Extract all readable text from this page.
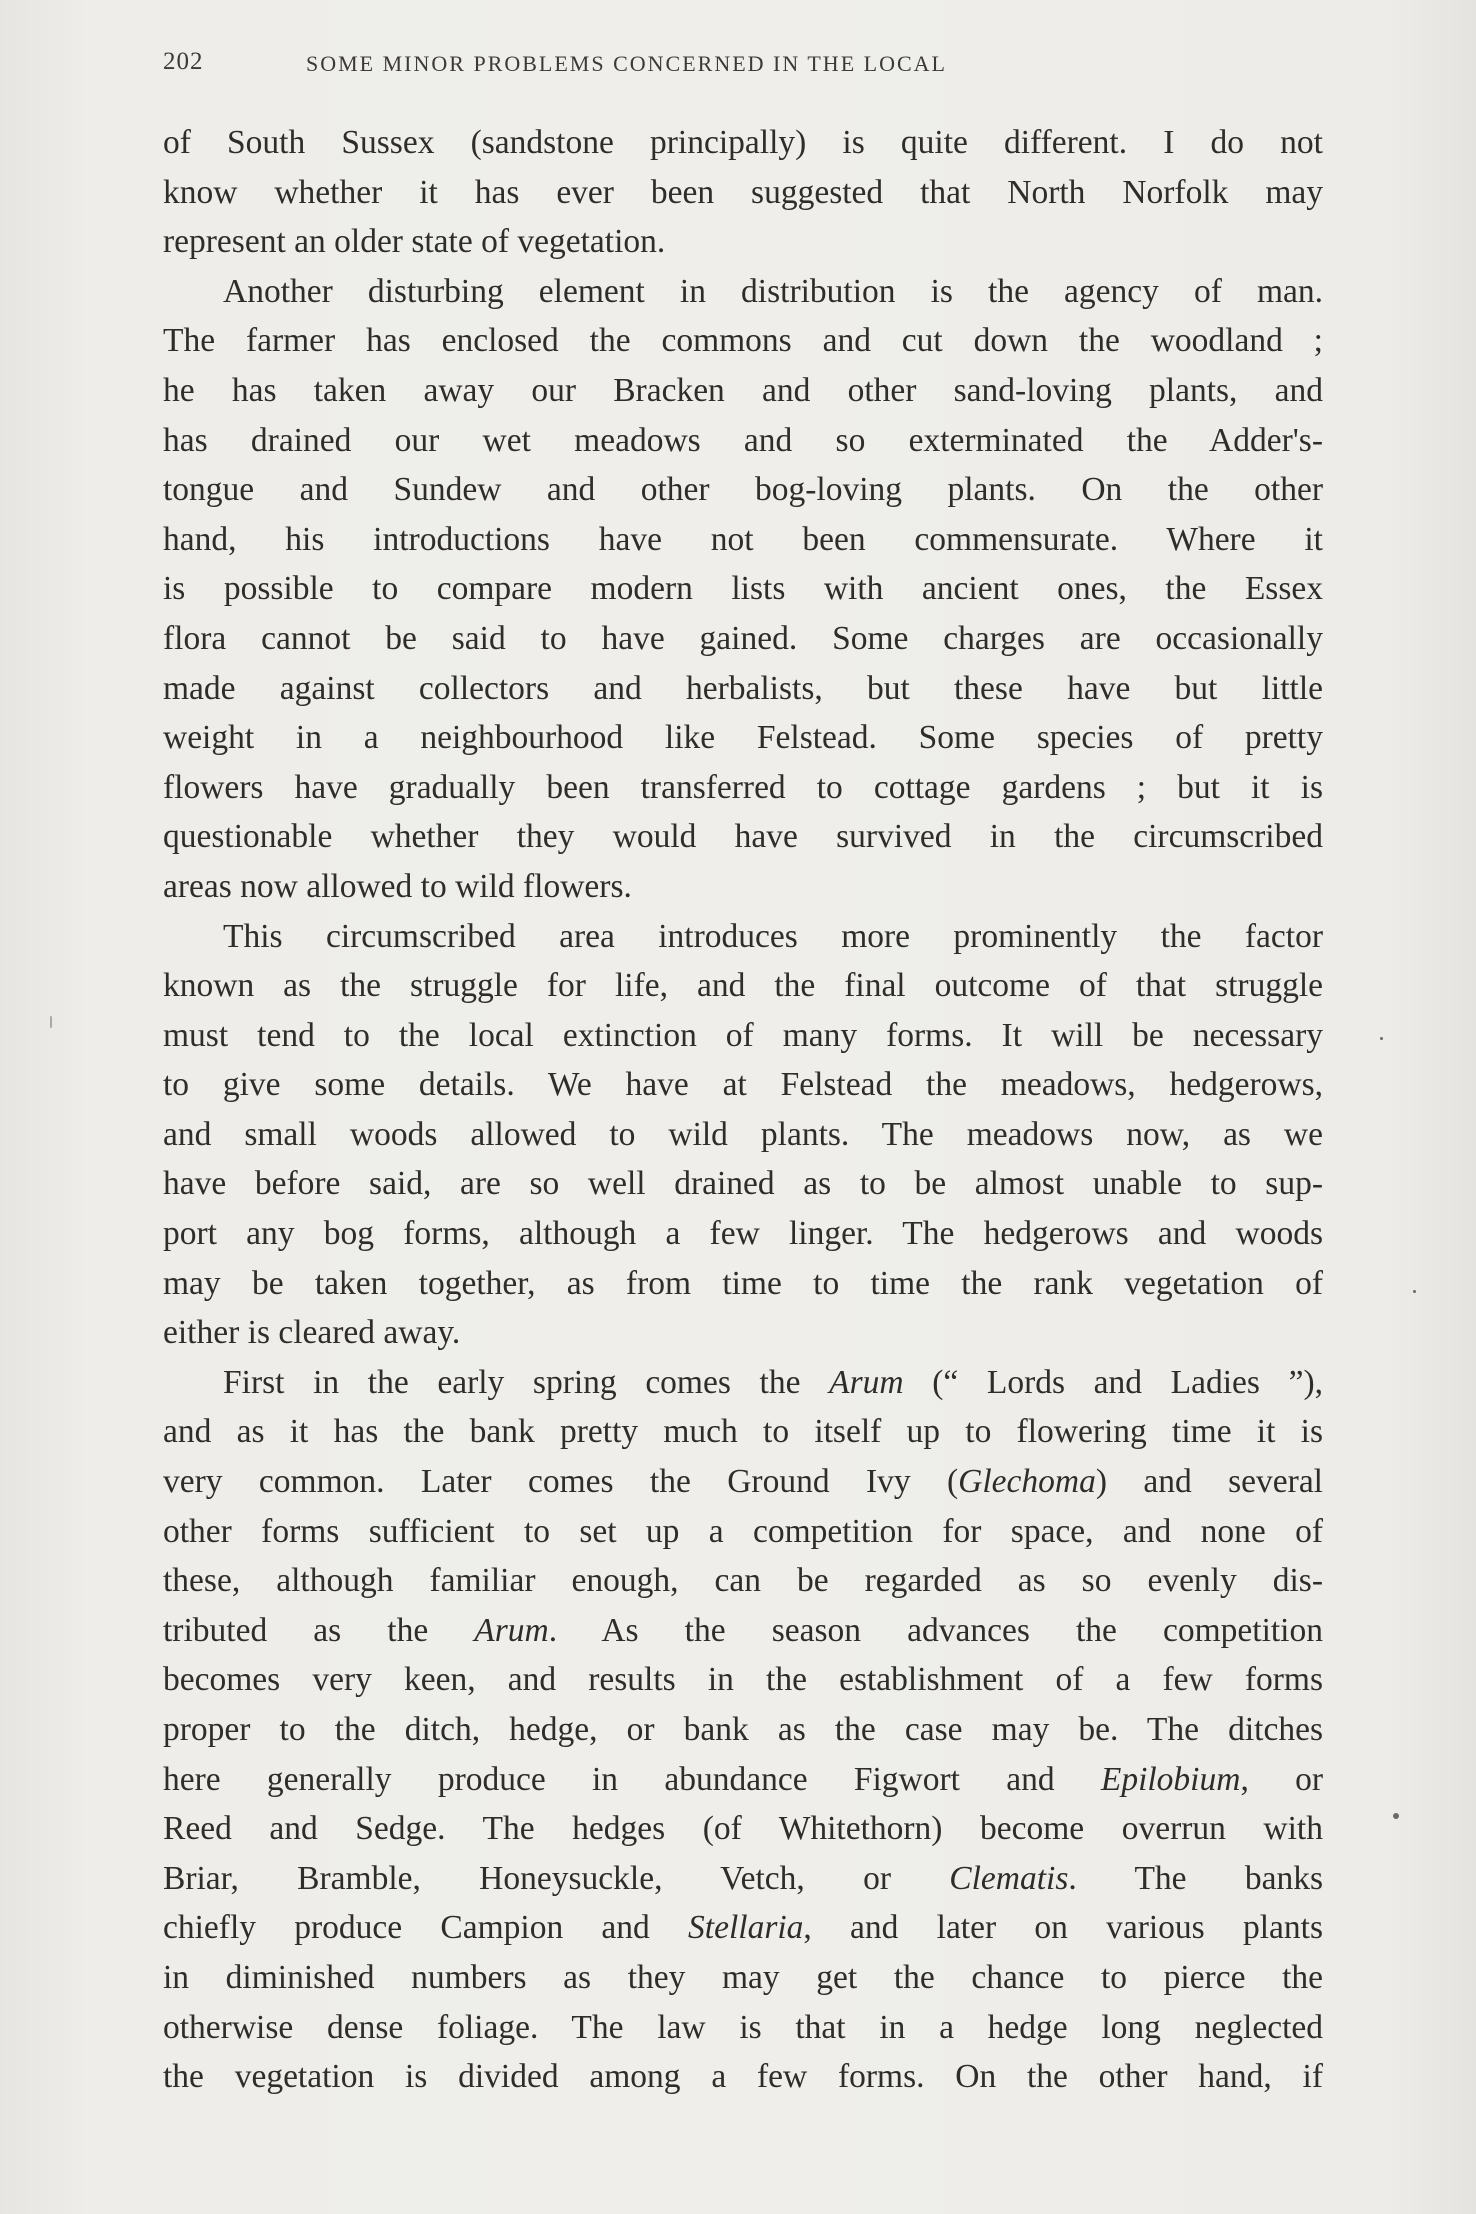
202	SOME MINOR PROBLEMS CONCERNED IN THE LOCAL
of South Sussex (sandstone principally) is quite different. I do not
know whether it has ever been suggested that North Norfolk may
represent an older state of vegetation.
Another disturbing element in distribution is the agency of man.
The farmer has enclosed the commons and cut down the woodland ;
he has taken away our Bracken and other sand-loving plants, and
has drained our wet meadows and so exterminated the Adder's-
tongue and Sundew and other bog-loving plants. On the other
hand, his introductions have not been commensurate. Where it
is possible to compare modern lists with ancient ones, the Essex
flora cannot be said to have gained. Some charges are occasionally
made against collectors and herbalists, but these have but little
weight in a neighbourhood like Felstead. Some species of pretty
flowers have gradually been transferred to cottage gardens ; but it is
questionable whether they would have survived in the circumscribed
areas now allowed to wild flowers.
This circumscribed area introduces more prominently the factor
known as the struggle for life, and the final outcome of that struggle
must tend to the local extinction of many forms. It will be necessary
to give some details. We have at Felstead the meadows, hedgerows,
and small woods allowed to wild plants. The meadows now, as we
have before said, are so well drained as to be almost unable to sup-
port any bog forms, although a few linger. The hedgerows and woods
may be taken together, as from time to time the rank vegetation of
either is cleared away.
First in the early spring comes the Arum (“ Lords and Ladies ”),
and as it has the bank pretty much to itself up to flowering time it is
very common. Later comes the Ground Ivy (Glechoma) and several
other forms sufficient to set up a competition for space, and none of
these, although familiar enough, can be regarded as so evenly dis-
tributed as the Arum. As the season advances the competition
becomes very keen, and results in the establishment of a few forms
proper to the ditch, hedge, or bank as the case may be. The ditches
here generally produce in abundance Figwort and Epilobium, or
Reed and Sedge. The hedges (of Whitethorn) become overrun with
Briar, Bramble, Honeysuckle, Vetch, or Clematis. The banks
chiefly produce Campion and Stellaria, and later on various plants
in diminished numbers as they may get the chance to pierce the
otherwise dense foliage. The law is that in a hedge long neglected
the vegetation is divided among a few forms. On the other hand, if
